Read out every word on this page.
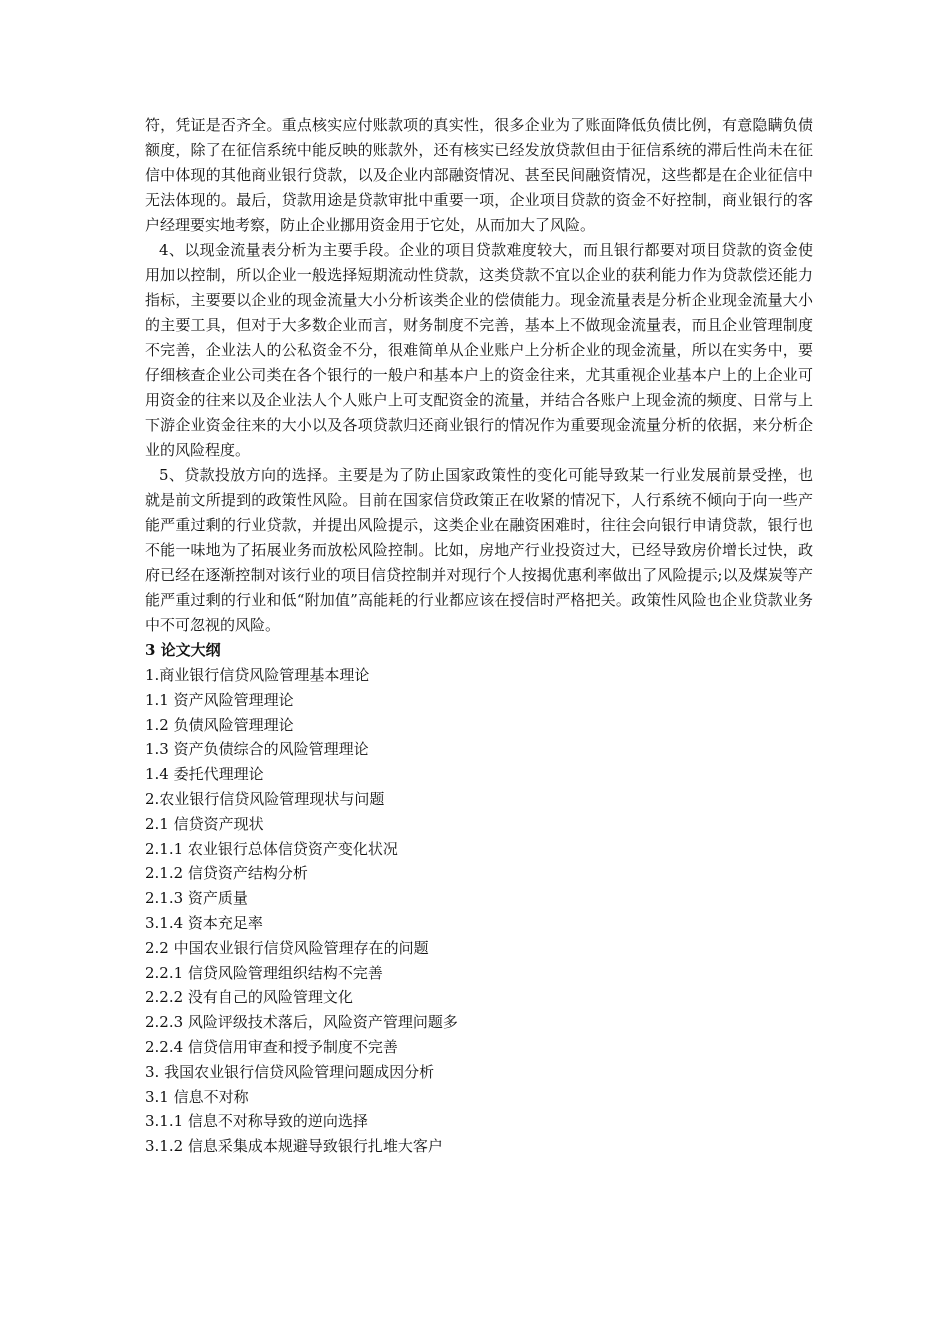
符，凭证是否齐全。重点核实应付账款项的真实性，很多企业为了账面降低负债比例，有意隐瞒负债额度，除了在征信系统中能反映的账款外，还有核实已经发放贷款但由于征信系统的滞后性尚未在征信中体现的其他商业银行贷款，以及企业内部融资情况、甚至民间融资情况，这些都是在企业征信中无法体现的。最后，贷款用途是贷款审批中重要一项，企业项目贷款的资金不好控制，商业银行的客户经理要实地考察，防止企业挪用资金用于它处，从而加大了风险。

4、以现金流量表分析为主要手段。企业的项目贷款难度较大，而且银行都要对项目贷款的资金使用加以控制，所以企业一般选择短期流动性贷款，这类贷款不宜以企业的获利能力作为贷款偿还能力指标，主要要以企业的现金流量大小分析该类企业的偿债能力。现金流量表是分析企业现金流量大小的主要工具，但对于大多数企业而言，财务制度不完善，基本上不做现金流量表，而且企业管理制度不完善，企业法人的公私资金不分，很难简单从企业账户上分析企业的现金流量，所以在实务中，要仔细核查企业公司类在各个银行的一般户和基本户上的资金往来，尤其重视企业基本户上的上企业可用资金的往来以及企业法人个人账户上可支配资金的流量，并结合各账户上现金流的频度、日常与上下游企业资金往来的大小以及各项贷款归还商业银行的情况作为重要现金流量分析的依据，来分析企业的风险程度。

5、贷款投放方向的选择。主要是为了防止国家政策性的变化可能导致某一行业发展前景受挫，也就是前文所提到的政策性风险。目前在国家信贷政策正在收紧的情况下，人行系统不倾向于向一些产能严重过剩的行业贷款，并提出风险提示，这类企业在融资困难时，往往会向银行申请贷款，银行也不能一味地为了拓展业务而放松风险控制。比如，房地产行业投资过大，已经导致房价增长过快，政府已经在逐渐控制对该行业的项目信贷控制并对现行个人按揭优惠利率做出了风险提示;以及煤炭等产能严重过剩的行业和低“附加值”高能耗的行业都应该在授信时严格把关。政策性风险也企业贷款业务中不可忽视的风险。

3 论文大纲

1.商业银行信贷风险管理基本理论

1.1 资产风险管理理论

1.2 负债风险管理理论

1.3 资产负债综合的风险管理理论

1.4 委托代理理论

2.农业银行信贷风险管理现状与问题

2.1 信贷资产现状

2.1.1 农业银行总体信贷资产变化状况

2.1.2 信贷资产结构分析

2.1.3 资产质量

3.1.4 资本充足率

2.2 中国农业银行信贷风险管理存在的问题

2.2.1 信贷风险管理组织结构不完善

2.2.2 没有自己的风险管理文化

2.2.3 风险评级技术落后，风险资产管理问题多

2.2.4 信贷信用审查和授予制度不完善

3. 我国农业银行信贷风险管理问题成因分析

3.1 信息不对称

3.1.1 信息不对称导致的逆向选择

3.1.2 信息采集成本规避导致银行扎堆大客户
